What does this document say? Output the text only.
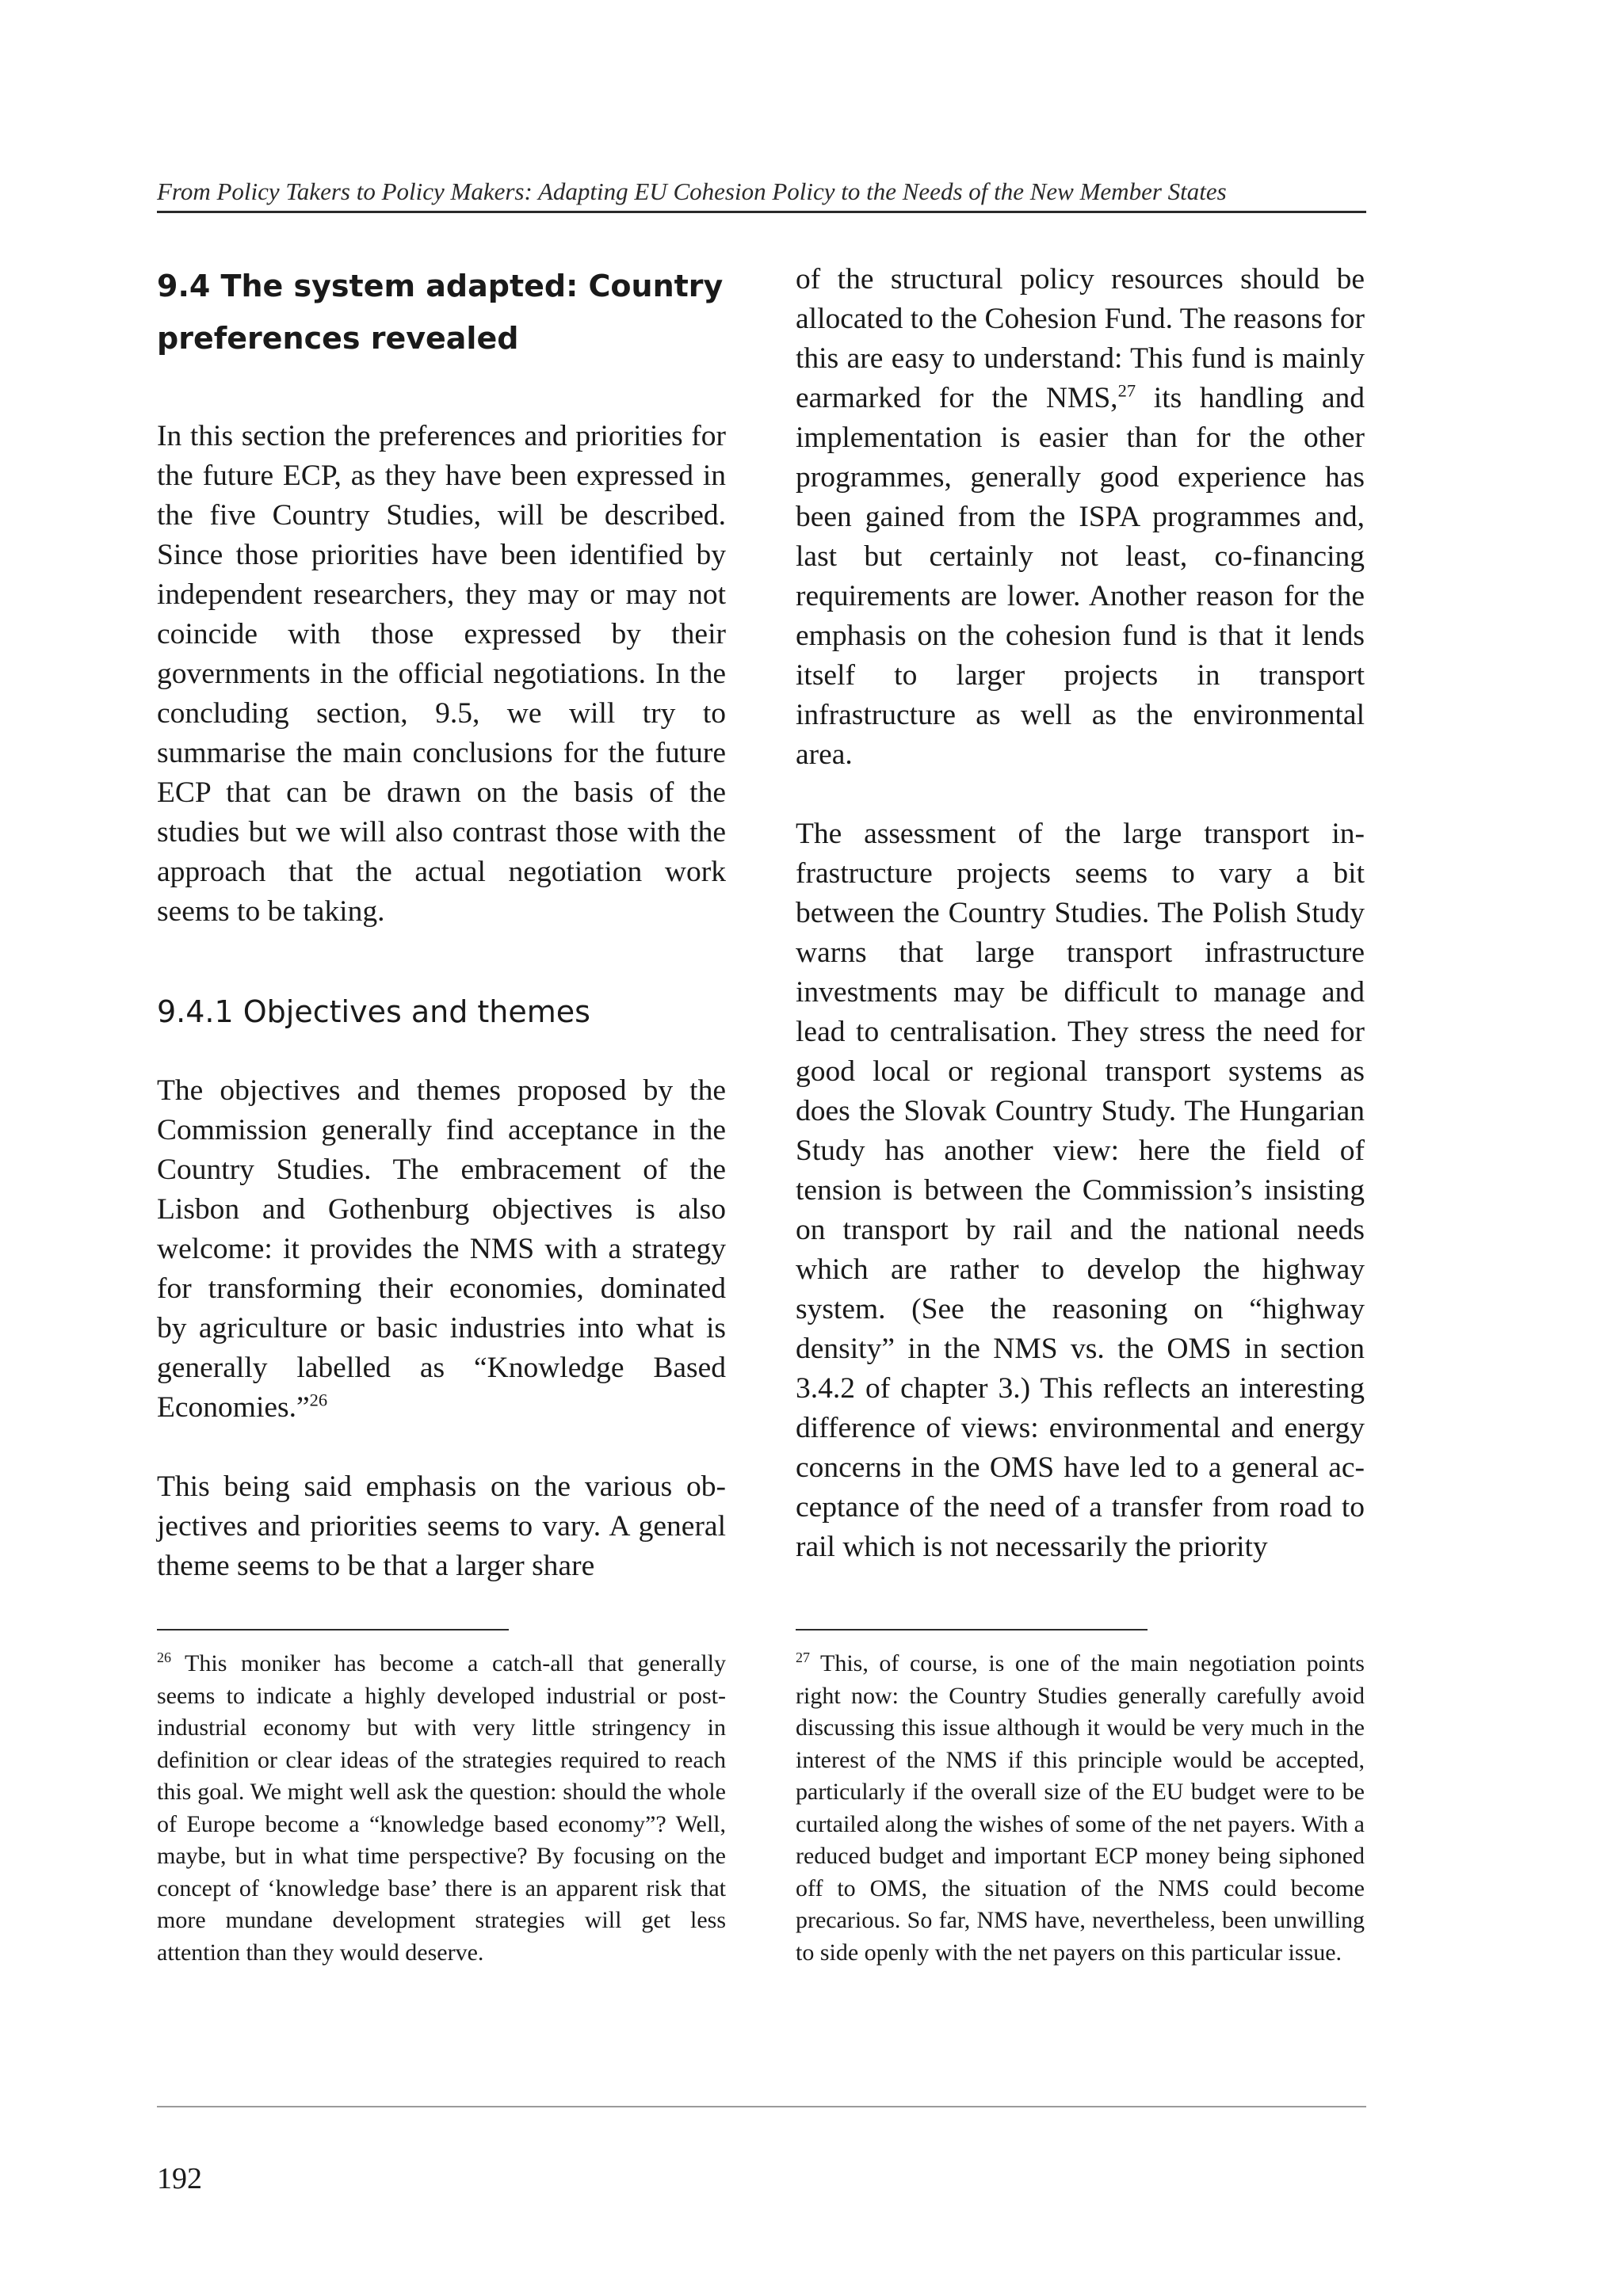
From Policy Takers to Policy Makers: Adapting EU Cohesion Policy to the Needs of the New Member States
9.4 The system adapted: Country preferences revealed

In this section the preferences and priorities for the future ECP, as they have been expressed in the five Country Studies, will be described. Since those priorities have been identified by independent researchers, they may or may not coincide with those expressed by their governments in the official negotiations. In the concluding section, 9.5, we will try to summarise the main conclusions for the future ECP that can be drawn on the basis of the studies but we will also contrast those with the approach that the actual negotiation work seems to be taking.

9.4.1 Objectives and themes

The objectives and themes proposed by the Commission generally find acceptance in the Country Studies. The embracement of the Lisbon and Gothenburg objectives is also welcome: it provides the NMS with a strategy for transforming their economies, dominated by agriculture or basic industries into what is generally labelled as “Knowledge Based Economies.”$^{26}$

This being said emphasis on the various objectives and priorities seems to vary. A general theme seems to be that a larger share

of the structural policy resources should be allocated to the Cohesion Fund. The reasons for this are easy to understand: This fund is mainly earmarked for the NMS,$^{27}$ its handling and implementation is easier than for the other programmes, generally good experience has been gained from the ISPA programmes and, last but certainly not least, co-financing requirements are lower. Another reason for the emphasis on the cohesion fund is that it lends itself to larger projects in transport infrastructure as well as the environmental area.

The assessment of the large transport infrastructure projects seems to vary a bit between the Country Studies. The Polish Study warns that large transport infrastructure investments may be difficult to manage and lead to centralisation. They stress the need for good local or regional transport systems as does the Slovak Country Study. The Hungarian Study has another view: here the field of tension is between the Commission’s insisting on transport by rail and the national needs which are rather to develop the highway system. (See the reasoning on “highway density” in the NMS vs. the OMS in section 3.4.2 of chapter 3.) This reflects an interesting difference of views: environmental and energy concerns in the OMS have led to a general acceptance of the need of a transfer from road to rail which is not necessarily the priority

$^{26}$ This moniker has become a catch-all that generally seems to indicate a highly developed industrial or post-industrial economy but with very little stringency in definition or clear ideas of the strategies required to reach this goal. We might well ask the question: should the whole of Europe become a “knowledge based economy”? Well, maybe, but in what time perspective? By focusing on the concept of ‘knowledge base’ there is an apparent risk that more mundane development strategies will get less attention than they would deserve.

$^{27}$ This, of course, is one of the main negotiation points right now: the Country Studies generally carefully avoid discussing this issue although it would be very much in the interest of the NMS if this principle would be accepted, particularly if the overall size of the EU budget were to be curtailed along the wishes of some of the net payers. With a reduced budget and important ECP money being siphoned off to OMS, the situation of the NMS could become precarious. So far, NMS have, nevertheless, been unwilling to side openly with the net payers on this particular issue.

192
